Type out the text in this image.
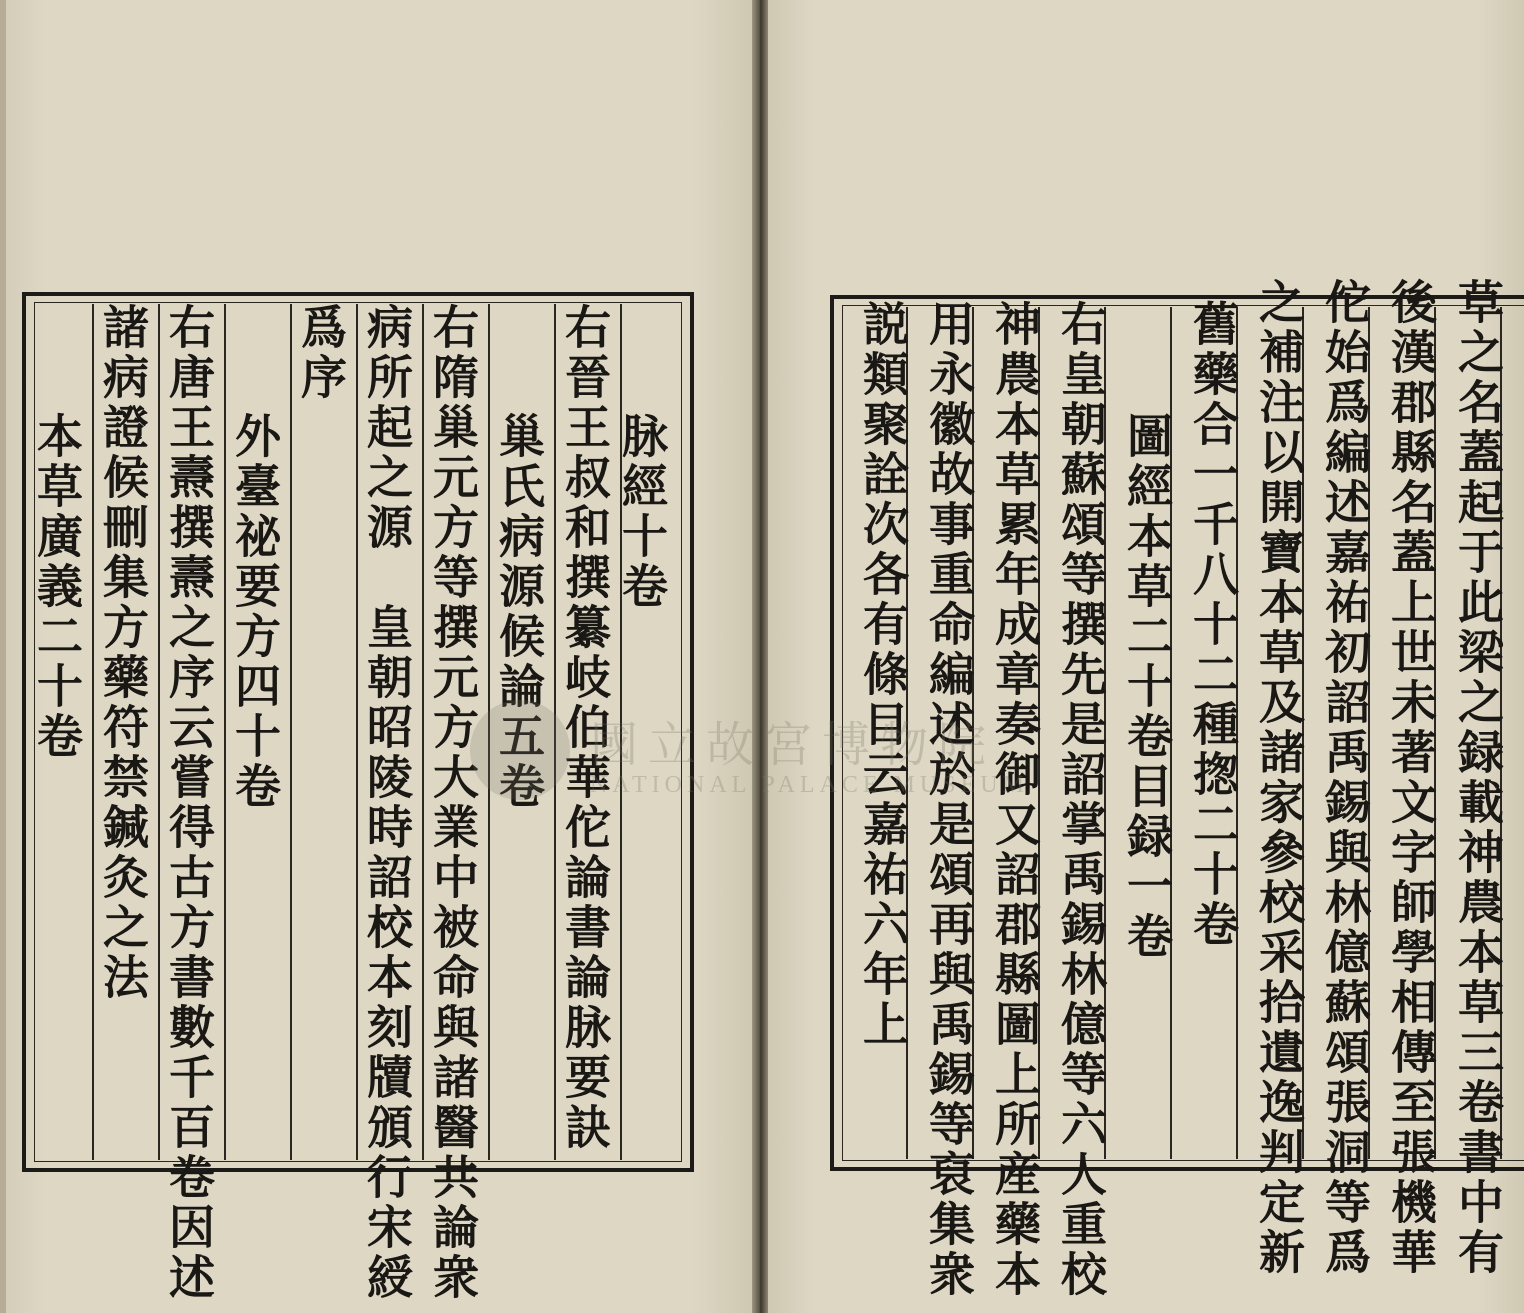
脉經十卷
右晉王叔和撰纂岐伯華佗論書論脉要訣
巢氏病源候論五卷
右隋巢元方等撰元方大業中被命與諸醫共論衆
病所起之源　皇朝昭陵時詔校本刻牘頒行宋綬
爲序
外臺祕要方四十卷
右唐王燾撰燾之序云嘗得古方書數千百卷因述
諸病證候刪集方藥符禁鍼灸之法
本草廣義二十卷	草之名蓋起于此梁之録載神農本草三卷書中有
後漢郡縣名蓋上世未著文字師學相傳至張機華
佗始爲編述嘉祐初詔禹錫與林億蘇頌張洞等爲
之補注以開寶本草及諸家參校采拾遺逸判定新
舊藥合一千八十二種揔二十卷
圖經本草二十卷目録一卷
右皇朝蘇頌等撰先是詔掌禹錫林億等六人重校
神農本草累年成章奏御又詔郡縣圖上所産藥本
用永徽故事重命編述於是頌再與禹錫等裒集衆
説類聚詮次各有條目云嘉祐六年上
國立故宮博物院
NATIONAL PALACE MUSEUM
